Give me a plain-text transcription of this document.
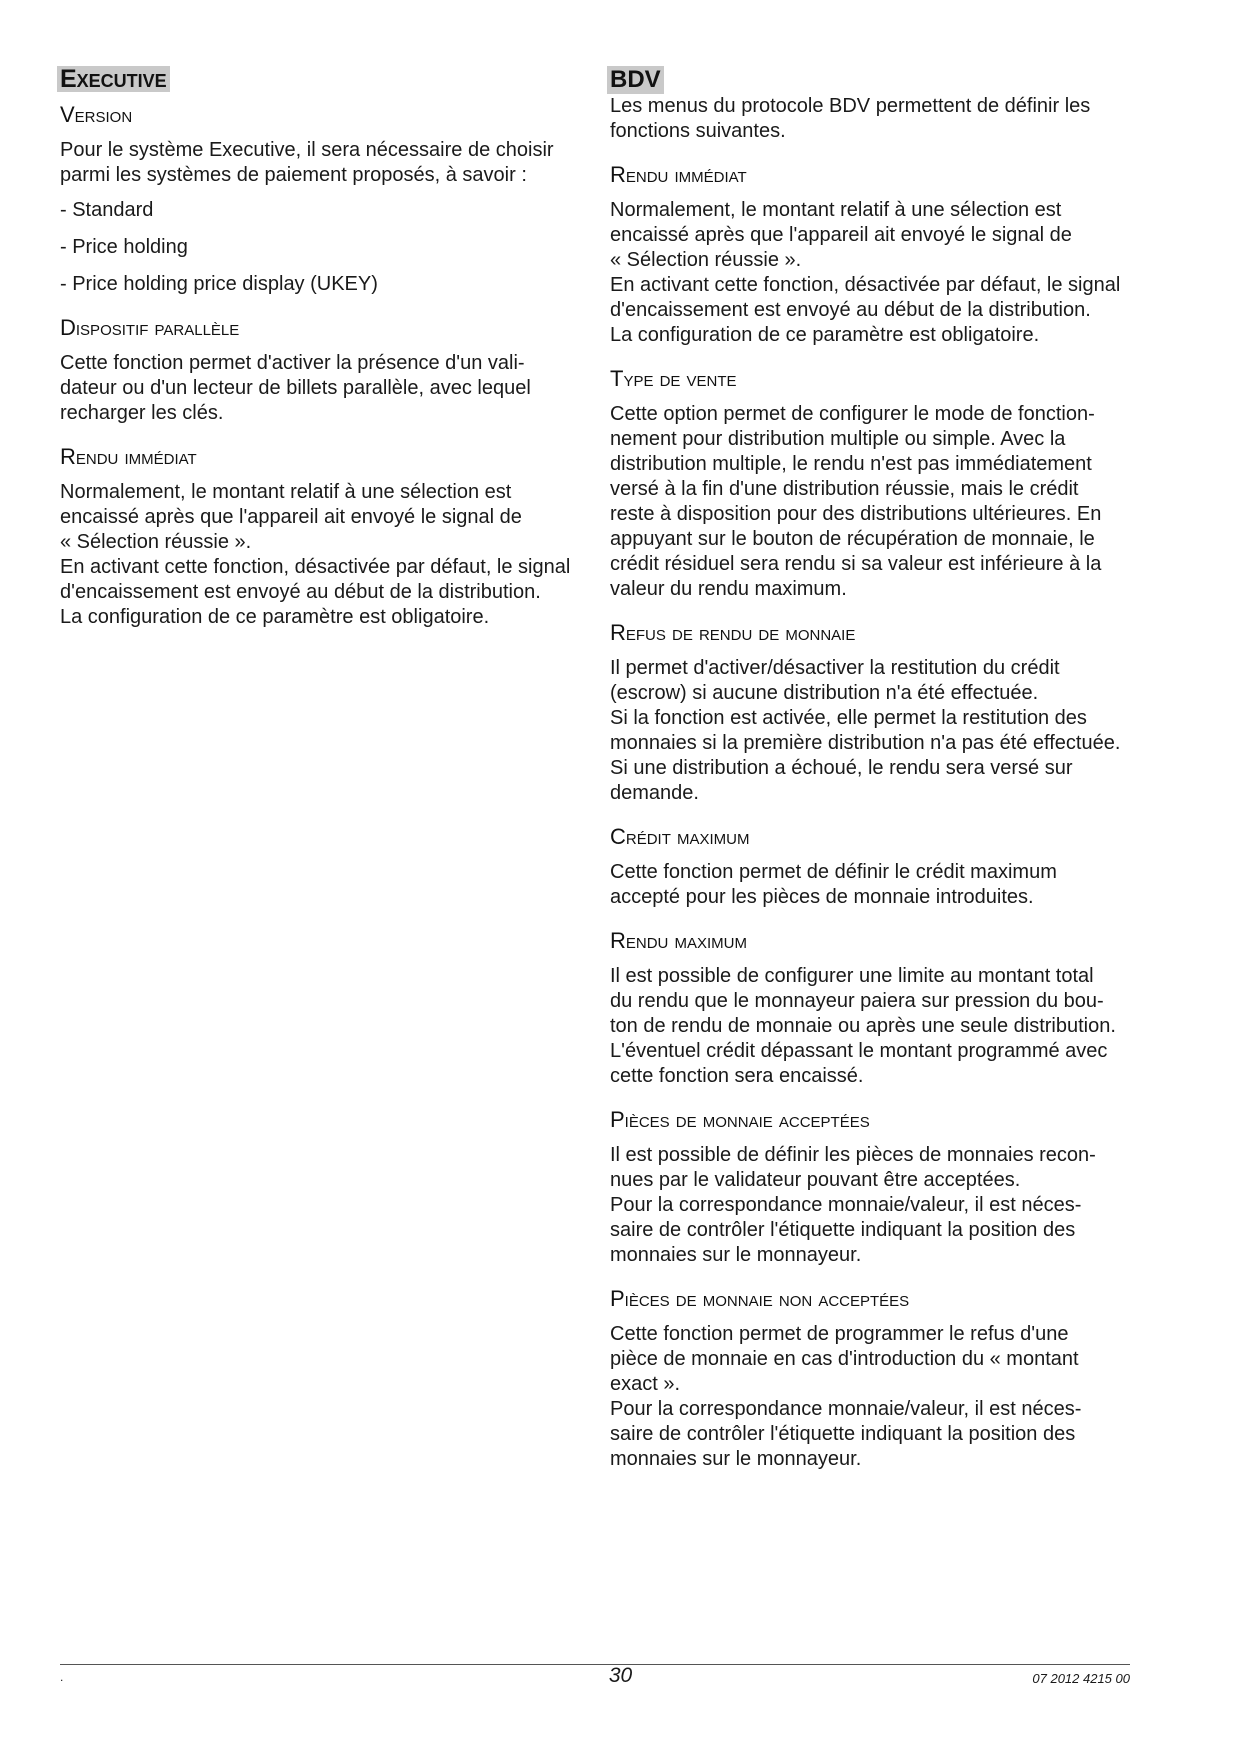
Executive
Version

Pour le système Executive, il sera nécessaire de choisir
parmi les systèmes de paiement proposés, à savoir :

- Standard

- Price holding

- Price holding price display (UKEY)

Dispositif parallèle

Cette fonction permet d'activer la présence d'un vali-
dateur ou d'un lecteur de billets parallèle, avec lequel
recharger les clés.

Rendu immédiat

Normalement, le montant relatif à une sélection est
encaissé après que l'appareil ait envoyé le signal de
« Sélection réussie ».
En activant cette fonction, désactivée par défaut, le signal
d'encaissement est envoyé au début de la distribution.
La configuration de ce paramètre est obligatoire.

BDV

Les menus du protocole BDV permettent de définir les
fonctions suivantes.

Rendu immédiat

Normalement, le montant relatif à une sélection est
encaissé après que l'appareil ait envoyé le signal de
« Sélection réussie ».
En activant cette fonction, désactivée par défaut, le signal
d'encaissement est envoyé au début de la distribution.
La configuration de ce paramètre est obligatoire.

Type de vente

Cette option permet de configurer le mode de fonction-
nement pour distribution multiple ou simple. Avec la
distribution multiple, le rendu n'est pas immédiatement
versé à la fin d'une distribution réussie, mais le crédit
reste à disposition pour des distributions ultérieures. En
appuyant sur le bouton de récupération de monnaie, le
crédit résiduel sera rendu si sa valeur est inférieure à la
valeur du rendu maximum.

Refus de rendu de monnaie

Il permet d'activer/désactiver la restitution du crédit
(escrow) si aucune distribution n'a été effectuée.
Si la fonction est activée, elle permet la restitution des
monnaies si la première distribution n'a pas été effectuée.
Si une distribution a échoué, le rendu sera versé sur
demande.

Crédit maximum

Cette fonction permet de définir le crédit maximum
accepté pour les pièces de monnaie introduites.

Rendu maximum

Il est possible de configurer une limite au montant total
du rendu que le monnayeur paiera sur pression du bou-
ton de rendu de monnaie ou après une seule distribution.
L'éventuel crédit dépassant le montant programmé avec
cette fonction sera encaissé.

Pièces de monnaie acceptées

Il est possible de définir les pièces de monnaies recon-
nues par le validateur pouvant être acceptées.
Pour la correspondance monnaie/valeur, il est néces-
saire de contrôler l'étiquette indiquant la position des
monnaies sur le monnayeur.

Pièces de monnaie non acceptées

Cette fonction permet de programmer le refus d'une
pièce de monnaie en cas d'introduction du « montant
exact ».
Pour la correspondance monnaie/valeur, il est néces-
saire de contrôler l'étiquette indiquant la position des
monnaies sur le monnayeur.

.	30	07 2012 4215 00
